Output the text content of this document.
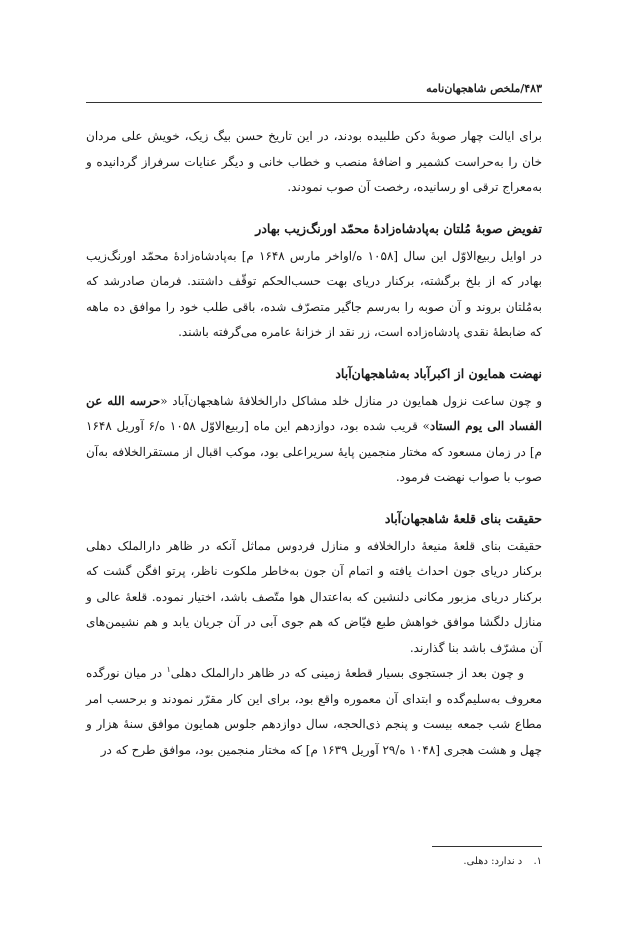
۴۸۳/ملخص شاهجهان‌نامه

برای ایالت چهار صوبهٔ دکن طلبیده بودند، در این تاریخ حسن بیگ زیک، خویش علی مردان خان را به‌حراست کشمیر و اضافهٔ منصب و خطاب خانی و دیگر عنایات سرفراز گردانیده و به‌معراج ترقی او رسانیده، رخصت آن صوب نمودند.

تفویض صوبهٔ مُلتان به‌پادشاه‌زادهٔ محمّد اورنگ‌زیب بهادر

در اوایل ربیع‌الاوّل این سال [۱۰۵۸ ه/اواخر مارس ۱۶۴۸ م] به‌پادشاه‌زادهٔ محمّد اورنگ‌زیب بهادر که از بلخ برگشته، برکنار دریای بهت حسب‌الحکم توقّف داشتند. فرمان صادرشد که به‌مُلتان بروند و آن صوبه را به‌رسم جاگیر متصرّف شده، باقی طلب خود را موافق ده ماهه که ضابطهٔ نقدی پادشاه‌زاده است، زر نقد از خزانهٔ عامره می‌گرفته باشند.

نهضت همایون از اکبرآباد به‌شاهجهان‌آباد

و چون ساعت نزول همایون در منازل خلد مشاکل دارالخلافهٔ شاهجهان‌آباد «حرسه الله عن الفساد الی یوم الستاد» قریب شده بود، دوازدهم این ماه [ربیع‌الاوّل ۱۰۵۸ ه/۶ آوریل ۱۶۴۸ م] در زمان مسعود که مختار منجمین پایهٔ سریراعلی بود، موکب اقبال از مستقرالخلافه به‌آن صوب با صواب نهضت فرمود.

حقیقت بنای قلعهٔ شاهجهان‌آباد

حقیقت بنای قلعهٔ منیعهٔ دارالخلافه و منازل فردوس مماثل آنکه در ظاهر دارالملک دهلی برکنار دریای جون احداث یافته و اتمام آن جون به‌خاطر ملکوت ناظر، پرتو افگن گشت که برکنار دریای مزبور مکانی دلنشین که به‌اعتدال هوا متّصف باشد، اختیار نموده. قلعهٔ عالی و منازل دلگشا موافق خواهش طبع فیّاض که هم جوی آبی در آن جریان یابد و هم نشیمن‌های آن مشرّف باشد بنا گذارند.

و چون بعد از جستجوی بسیار قطعهٔ زمینی که در ظاهر دارالملک دهلی$^۱$ در میان نورگده معروف به‌سلیم‌گده و ابتدای آن معموره واقع بود، برای این کار مقرّر نمودند و برحسب امر مطاع شب جمعه بیست و پنجم ذی‌الحجه، سال دوازدهم جلوس همایون موافق سنهٔ هزار و چهل و هشت هجری [۱۰۴۸ ه/۲۹ آوریل ۱۶۳۹ م] که مختار منجمین بود، موافق طرح که در

۱. د ندارد: دهلی.
